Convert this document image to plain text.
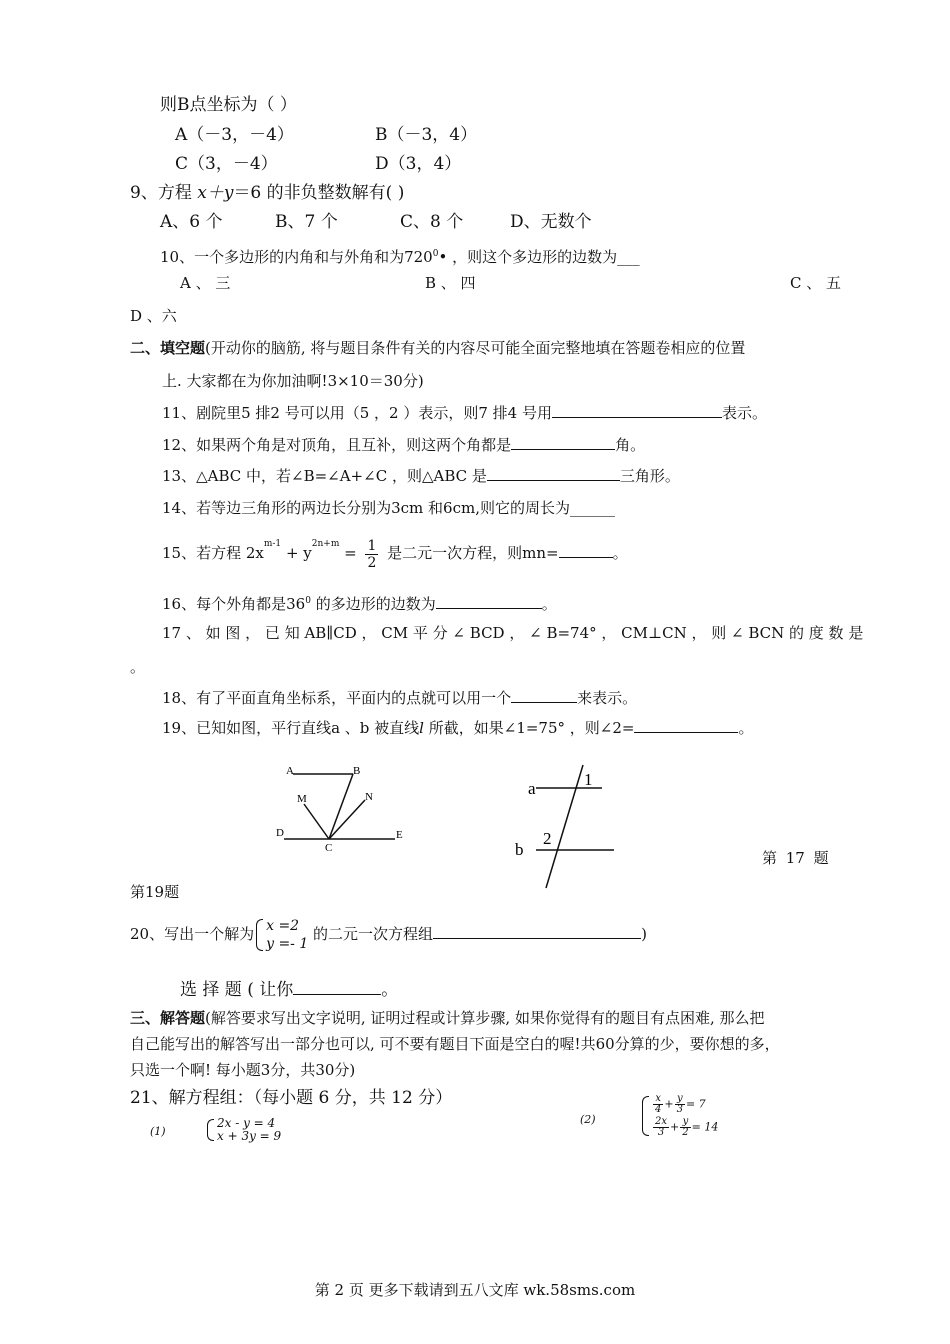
则B点坐标为（ ）
A（－3，－4）	B（－3，4）
C（3，－4）	D（3，4）
9、方程 x＋y＝6 的非负整数解有( )
A、6 个	B、7 个	C、8 个	D、无数个
10、一个多边形的内角和与外角和为$720^0•$ ，则这个多边形的边数为___
A 、 三	B 、 四	C 、 五
D 、六
二、填空题(开动你的脑筋, 将与题目条件有关的内容尽可能全面完整地填在答题卷相应的位置
上. 大家都在为你加油啊!3×10＝30分)
11、剧院里5 排2 号可以用（5 ，2 ）表示，则7 排4 号用	表示。
12、如果两个角是对顶角，且互补，则这两个角都是	角。
13、△ABC 中，若∠B=∠A+∠C ，则△ABC 是	三角形。
14、若等边三角形的两边长分别为3cm 和6cm,则它的周长为______
15、若方程 $2x^{m-1} + y^{2n+m} = \frac{1}{2}$ 是二元一次方程，则mn=	。
16、每个外角都是$36^0$ 的多边形的边数为	。
17 、 如 图 ， 已 知 AB∥CD ， CM 平 分 ∠ BCD ， ∠ B=74° ， CM⊥CN ， 则 ∠ BCN 的 度 数 是
。
18、有了平面直角坐标系，平面内的点就可以用一个	来表示。
19、已知如图，平行直线a 、b 被直线l 所截，如果∠1=75° ，则∠2=	。
A	B
M	N
D
C
E
a
b
1
2
第 17 题
第19题
20、写出一个解为 x =2
y =- 1
的二元一次方程组	)
选 择 题 ( 让你	。
三、解答题(解答要求写出文字说明, 证明过程或计算步骤, 如果你觉得有的题目有点困难, 那么把
自己能写出的解答写出一部分也可以, 可不要有题目下面是空白的喔!共60分算的少，要你想的多，
只选一个啊! 每小题3分，共30分)
21、解方程组：（每小题 6 分，共 12 分）
(1)
2x - y = 4
x + 3y = 9
(2)
$\frac{x}{4} + \frac{y}{3} = 7$
$\frac{2x}{3} + \frac{y}{2} = 14$
第 2 页 更多下载请到五八文库 wk.58sms.com
